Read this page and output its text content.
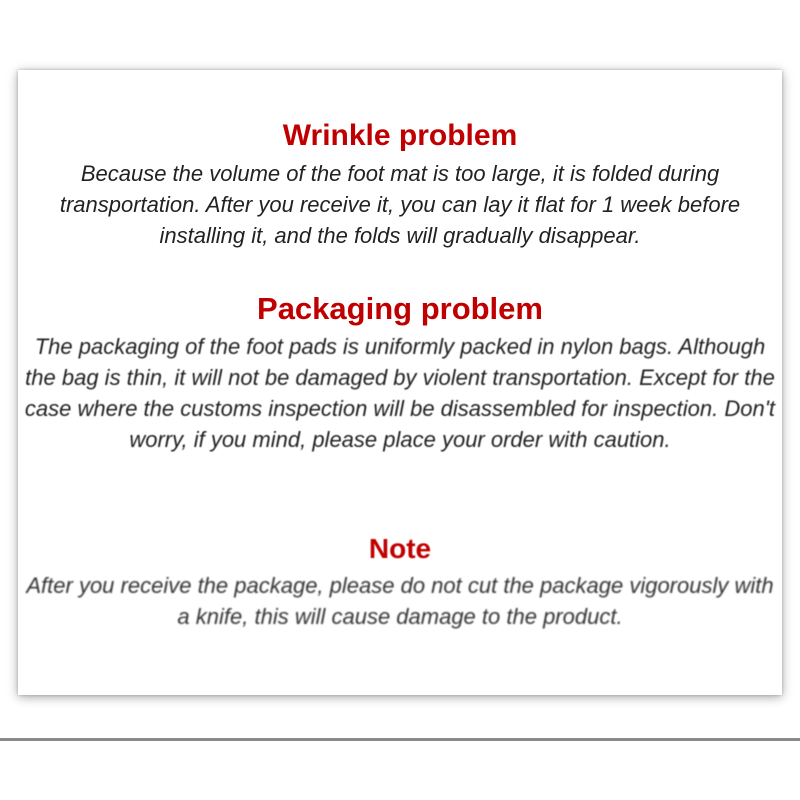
Wrinkle problem

Because the volume of the foot mat is too large, it is folded during transportation. After you receive it, you can lay it flat for 1 week before installing it, and the folds will gradually disappear.

Packaging problem

The packaging of the foot pads is uniformly packed in nylon bags. Although the bag is thin, it will not be damaged by violent transportation. Except for the case where the customs inspection will be disassembled for inspection. Don't worry, if you mind, please place your order with caution.

Note

After you receive the package, please do not cut the package vigorously with a knife, this will cause damage to the product.
